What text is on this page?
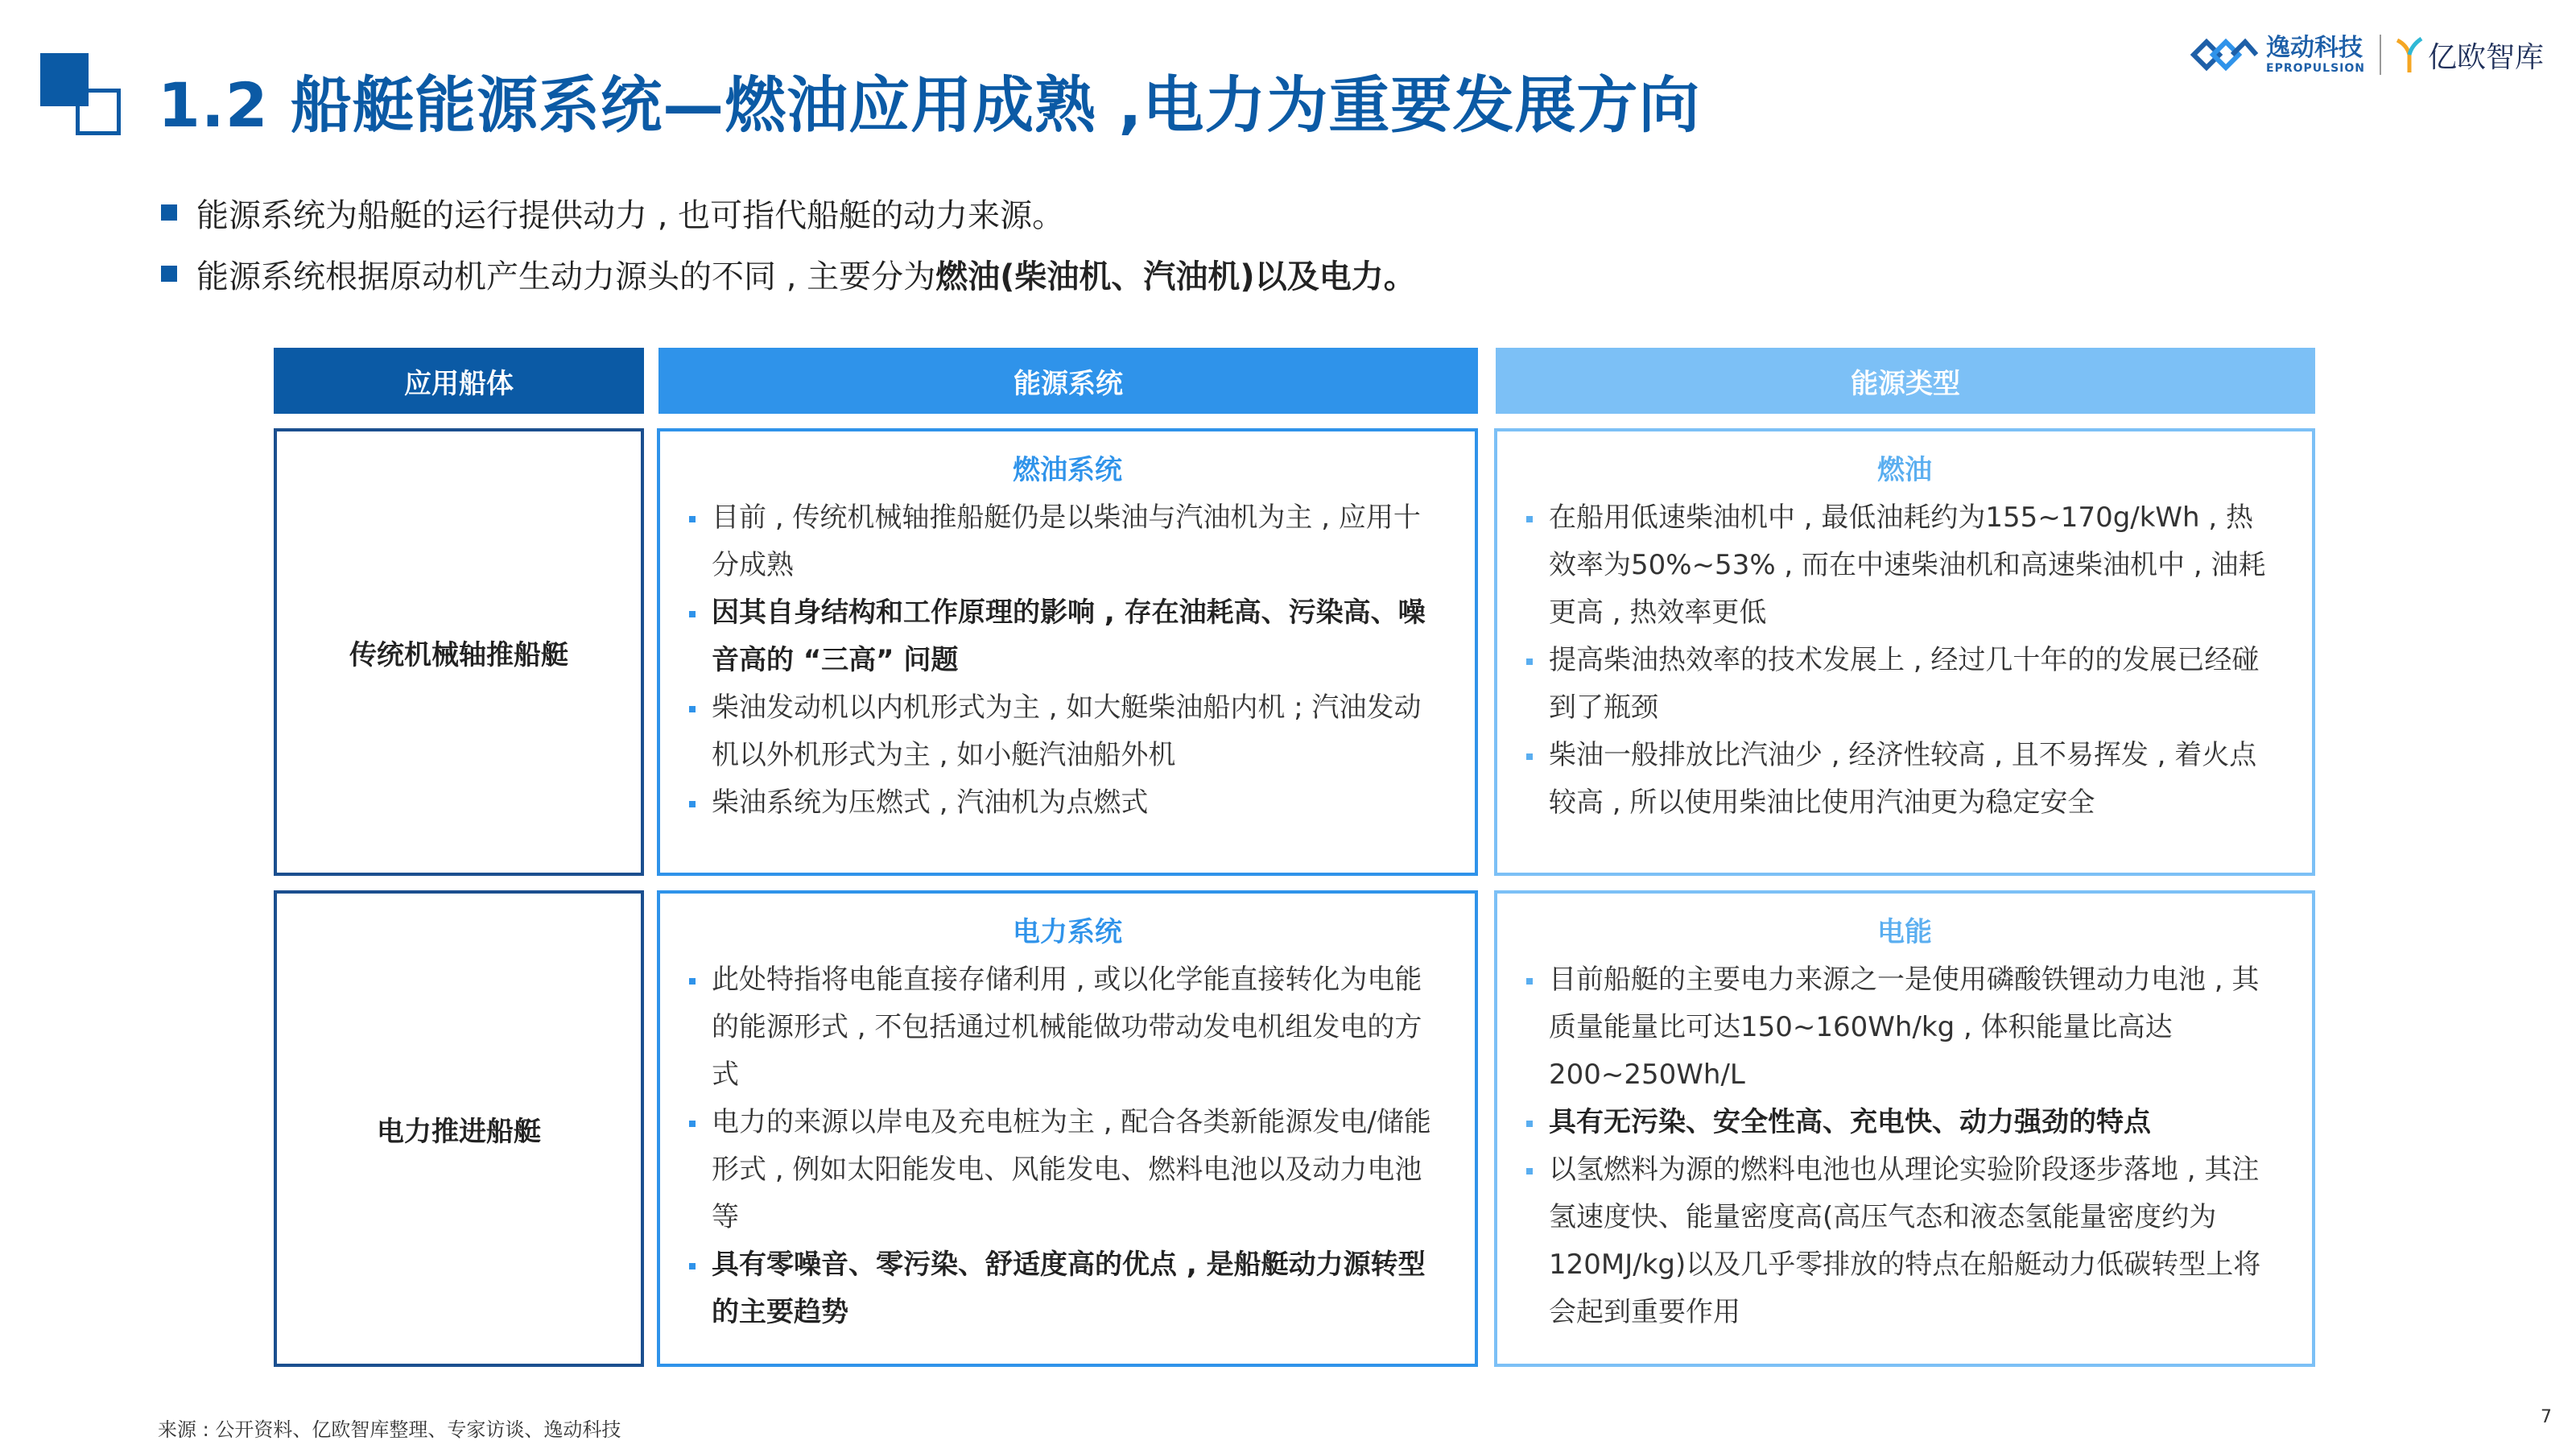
1.2 船艇能源系统—燃油应用成熟 ,电力为重要发展方向
逸动科技
EPROPULSION 亿欧智库
能源系统为船艇的运行提供动力 , 也可指代船艇的动力来源。
能源系统根据原动机产生动力源头的不同 , 主要分为 燃油(柴油机、汽油机)以及电力。
应用船体	能源系统	能源类型
传统机械轴推船艇
燃油系统
目前 , 传统机械轴推船艇仍是以柴油与汽油机为主 , 应用十分成熟
因其自身结构和工作原理的影响 , 存在油耗高、污染高、噪音高的 “三高” 问题
柴油发动机以内机形式为主 , 如大艇柴油船内机 ; 汽油发动机以外机形式为主 , 如小艇汽油船外机
柴油系统为压燃式 , 汽油机为点燃式
燃油
在船用低速柴油机中 , 最低油耗约为155~170g/kWh , 热效率为50%~53% , 而在中速柴油机和高速柴油机中 , 油耗更高 , 热效率更低
提高柴油热效率的技术发展上 , 经过几十年的的发展已经碰到了瓶颈
柴油一般排放比汽油少 , 经济性较高 , 且不易挥发 , 着火点较高 , 所以使用柴油比使用汽油更为稳定安全
电力推进船艇
电力系统
此处特指将电能直接存储利用 , 或以化学能直接转化为电能的能源形式 , 不包括通过机械能做功带动发电机组发电的方式
电力的来源以岸电及充电桩为主 , 配合各类新能源发电/储能形式 , 例如太阳能发电、风能发电、燃料电池以及动力电池等
具有零噪音、零污染、舒适度高的优点 , 是船艇动力源转型的主要趋势
电能
目前船艇的主要电力来源之一是使用磷酸铁锂动力电池 , 其质量能量比可达150~160Wh/kg , 体积能量比高达200~250Wh/L
具有无污染、安全性高、充电快、动力强劲的特点
以氢燃料为源的燃料电池也从理论实验阶段逐步落地 , 其注氢速度快、能量密度高(高压气态和液态氢能量密度约为120MJ/kg)以及几乎零排放的特点在船艇动力低碳转型上将会起到重要作用
来源 : 公开资料、亿欧智库整理、专家访谈、逸动科技
7
